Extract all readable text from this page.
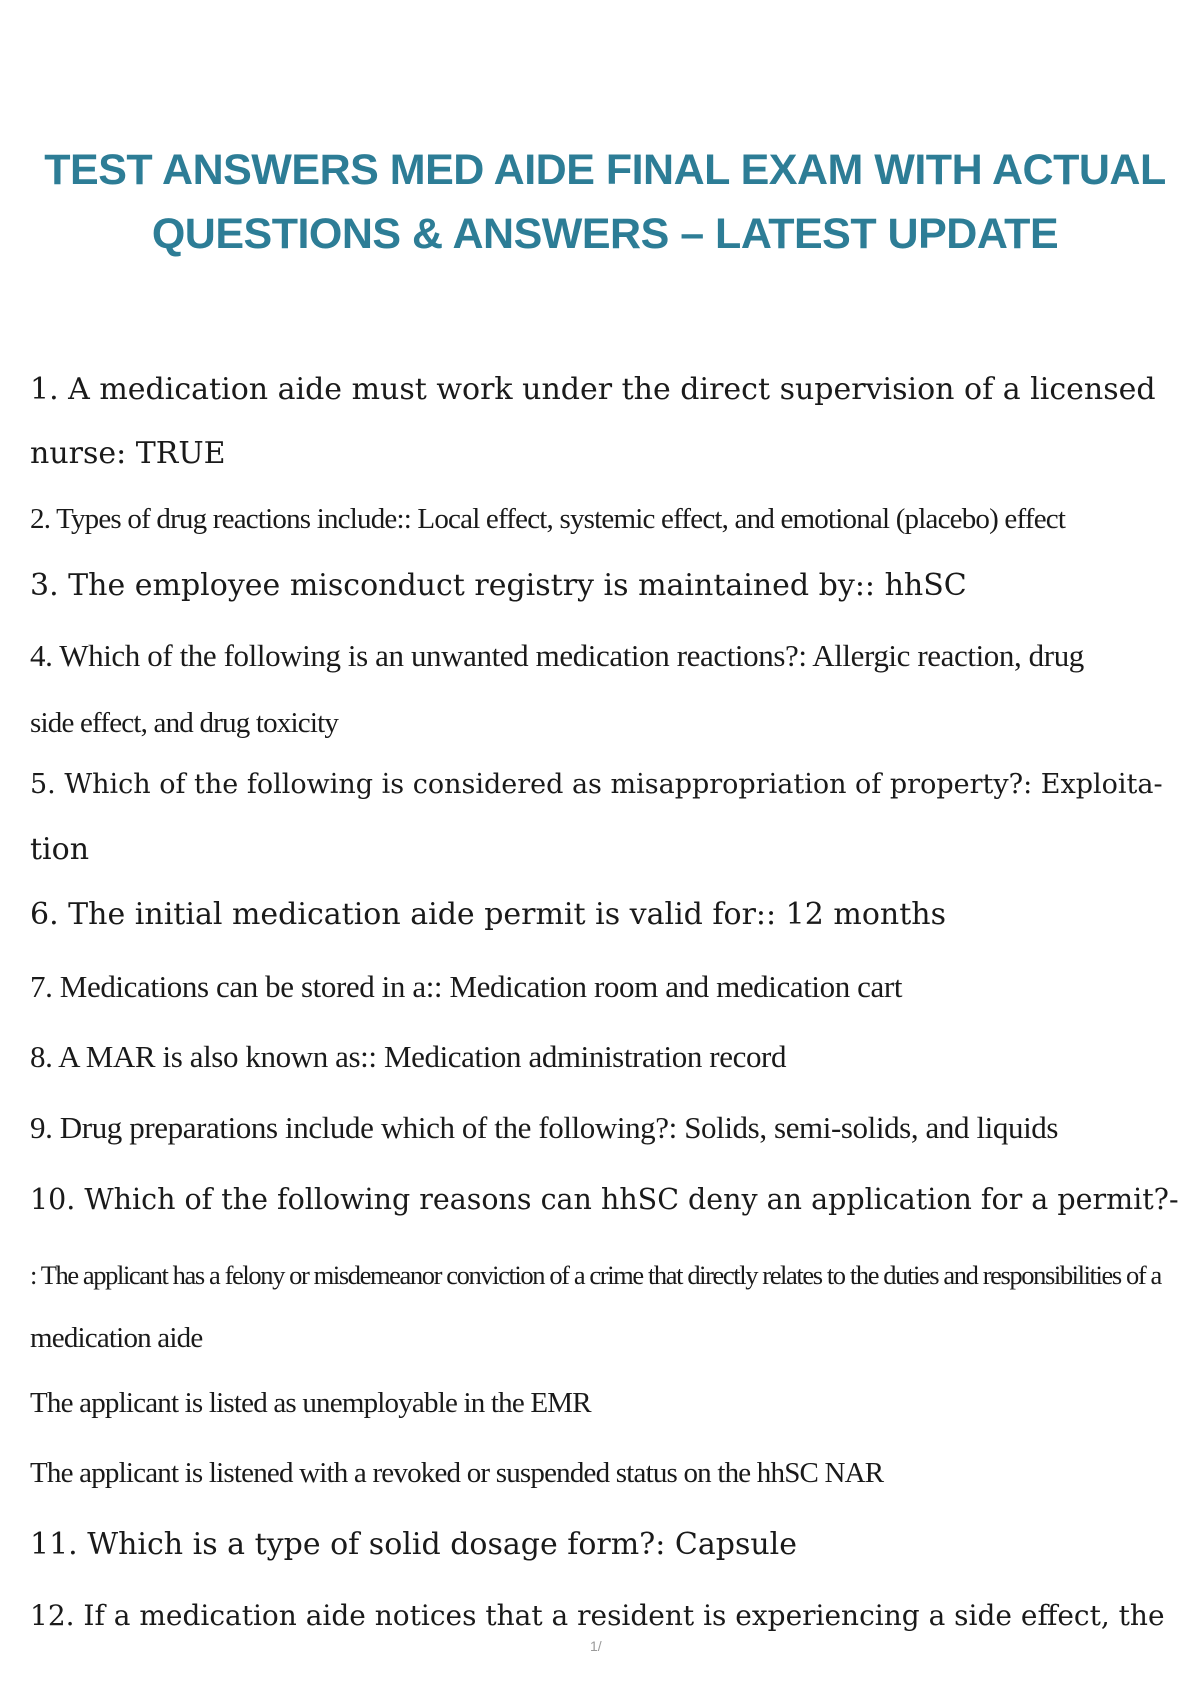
TEST ANSWERS MED AIDE FINAL EXAM WITH ACTUAL
QUESTIONS & ANSWERS – LATEST UPDATE
1. A medication aide must work under the direct supervision of a licensed
nurse: TRUE
2. Types of drug reactions include:: Local effect, systemic effect, and emotional (placebo) effect
3. The employee misconduct registry is maintained by:: hhSC
4. Which of the following is an unwanted medication reactions?: Allergic reaction, drug
side effect, and drug toxicity
5. Which of the following is considered as misappropriation of property?: Exploita-
tion
6. The initial medication aide permit is valid for:: 12 months
7. Medications can be stored in a:: Medication room and medication cart
8. A MAR is also known as:: Medication administration record
9. Drug preparations include which of the following?: Solids, semi-solids, and liquids
10. Which of the following reasons can hhSC deny an application for a permit?-
: The applicant has a felony or misdemeanor conviction of a crime that directly relates to the duties and responsibilities of a
medication aide
The applicant is listed as unemployable in the EMR
The applicant is listened with a revoked or suspended status on the hhSC NAR
11. Which is a type of solid dosage form?: Capsule
12. If a medication aide notices that a resident is experiencing a side effect, the
1/
